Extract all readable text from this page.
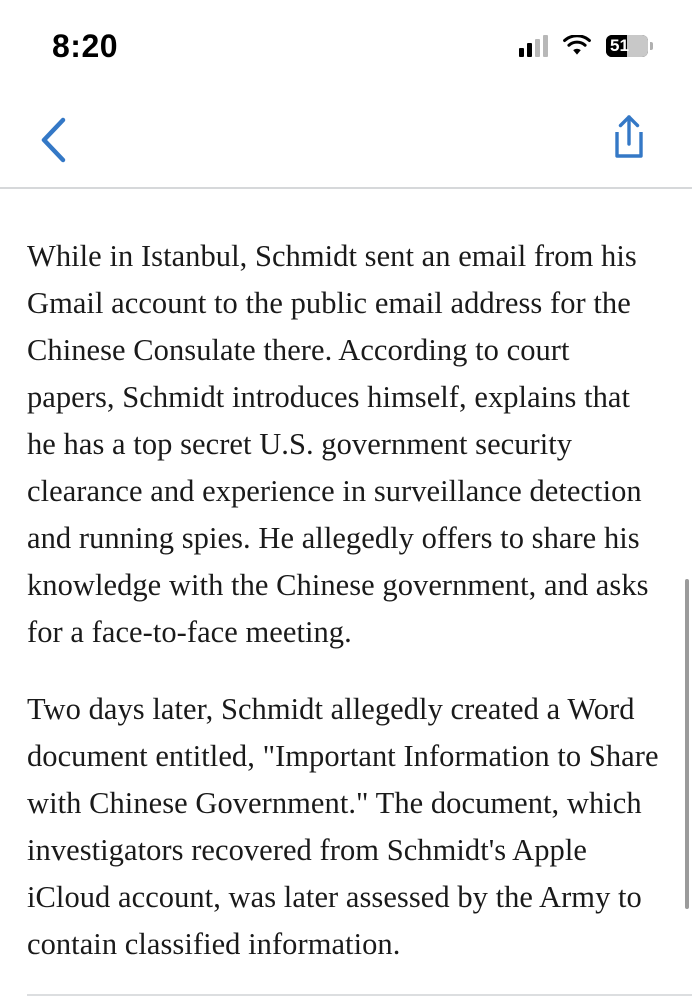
8:20	51

While in Istanbul, Schmidt sent an email from his Gmail account to the public email address for the Chinese Consulate there. According to court papers, Schmidt introduces himself, explains that he has a top secret U.S. government security clearance and experience in surveillance detection and running spies. He allegedly offers to share his knowledge with the Chinese government, and asks for a face-to-face meeting.

Two days later, Schmidt allegedly created a Word document entitled, "Important Information to Share with Chinese Government." The document, which investigators recovered from Schmidt's Apple iCloud account, was later assessed by the Army to contain classified information.
